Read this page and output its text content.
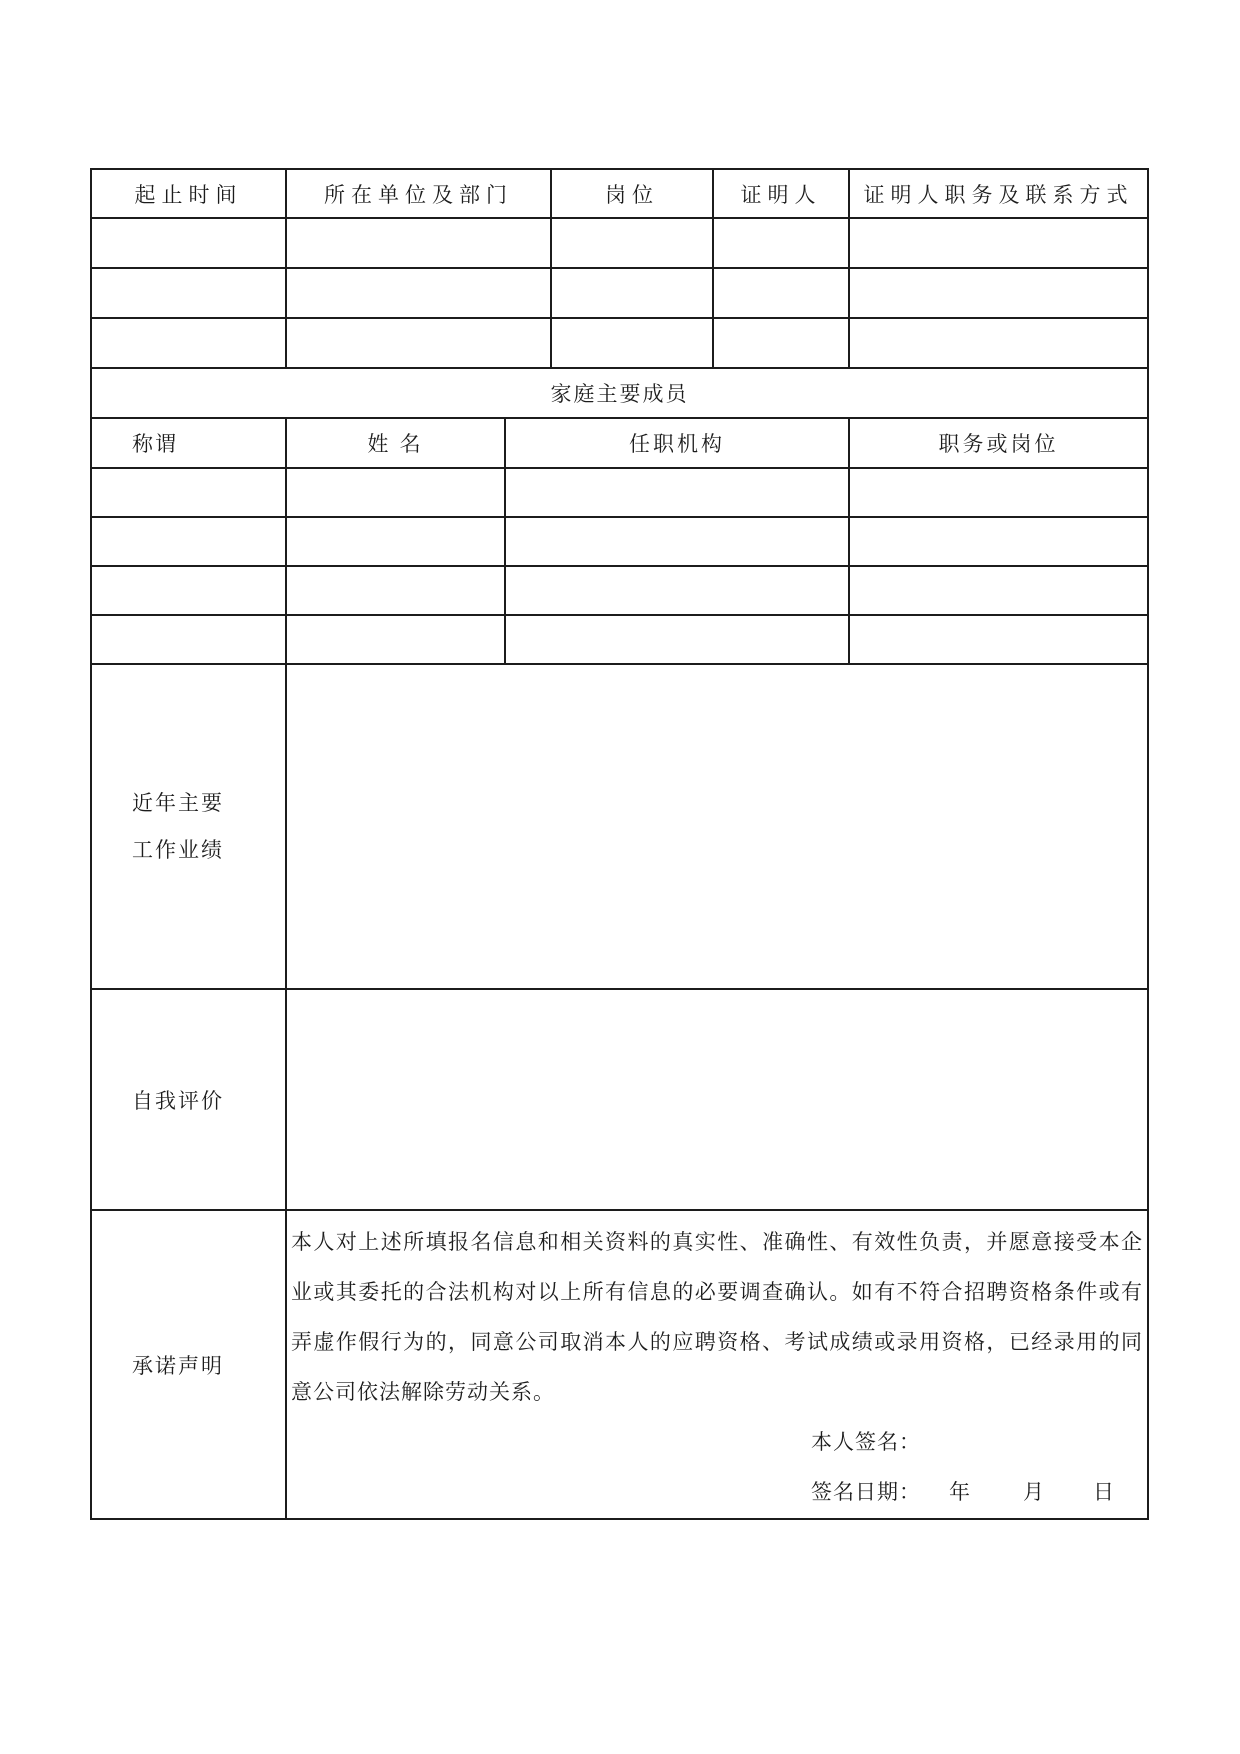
起止时间	所在单位及部门		岗位	证明人	证明人职务及联系方式

家庭主要成员					
称谓	姓 名	任职机构			职务或岗位

近年主要
工作业绩					

自我评价					
承诺声明	本人对上述所填报名信息和相关资料的真实性、准确性、有效性负责，并愿意接受本企业或其委托的合法机构对以上所有信息的必要调查确认。如有不符合招聘资格条件或有弄虚作假行为的，同意公司取消本人的应聘资格、考试成绩或录用资格，已经录用的同意公司依法解除劳动关系。
本人签名：
签名日期： 年 月 日				
